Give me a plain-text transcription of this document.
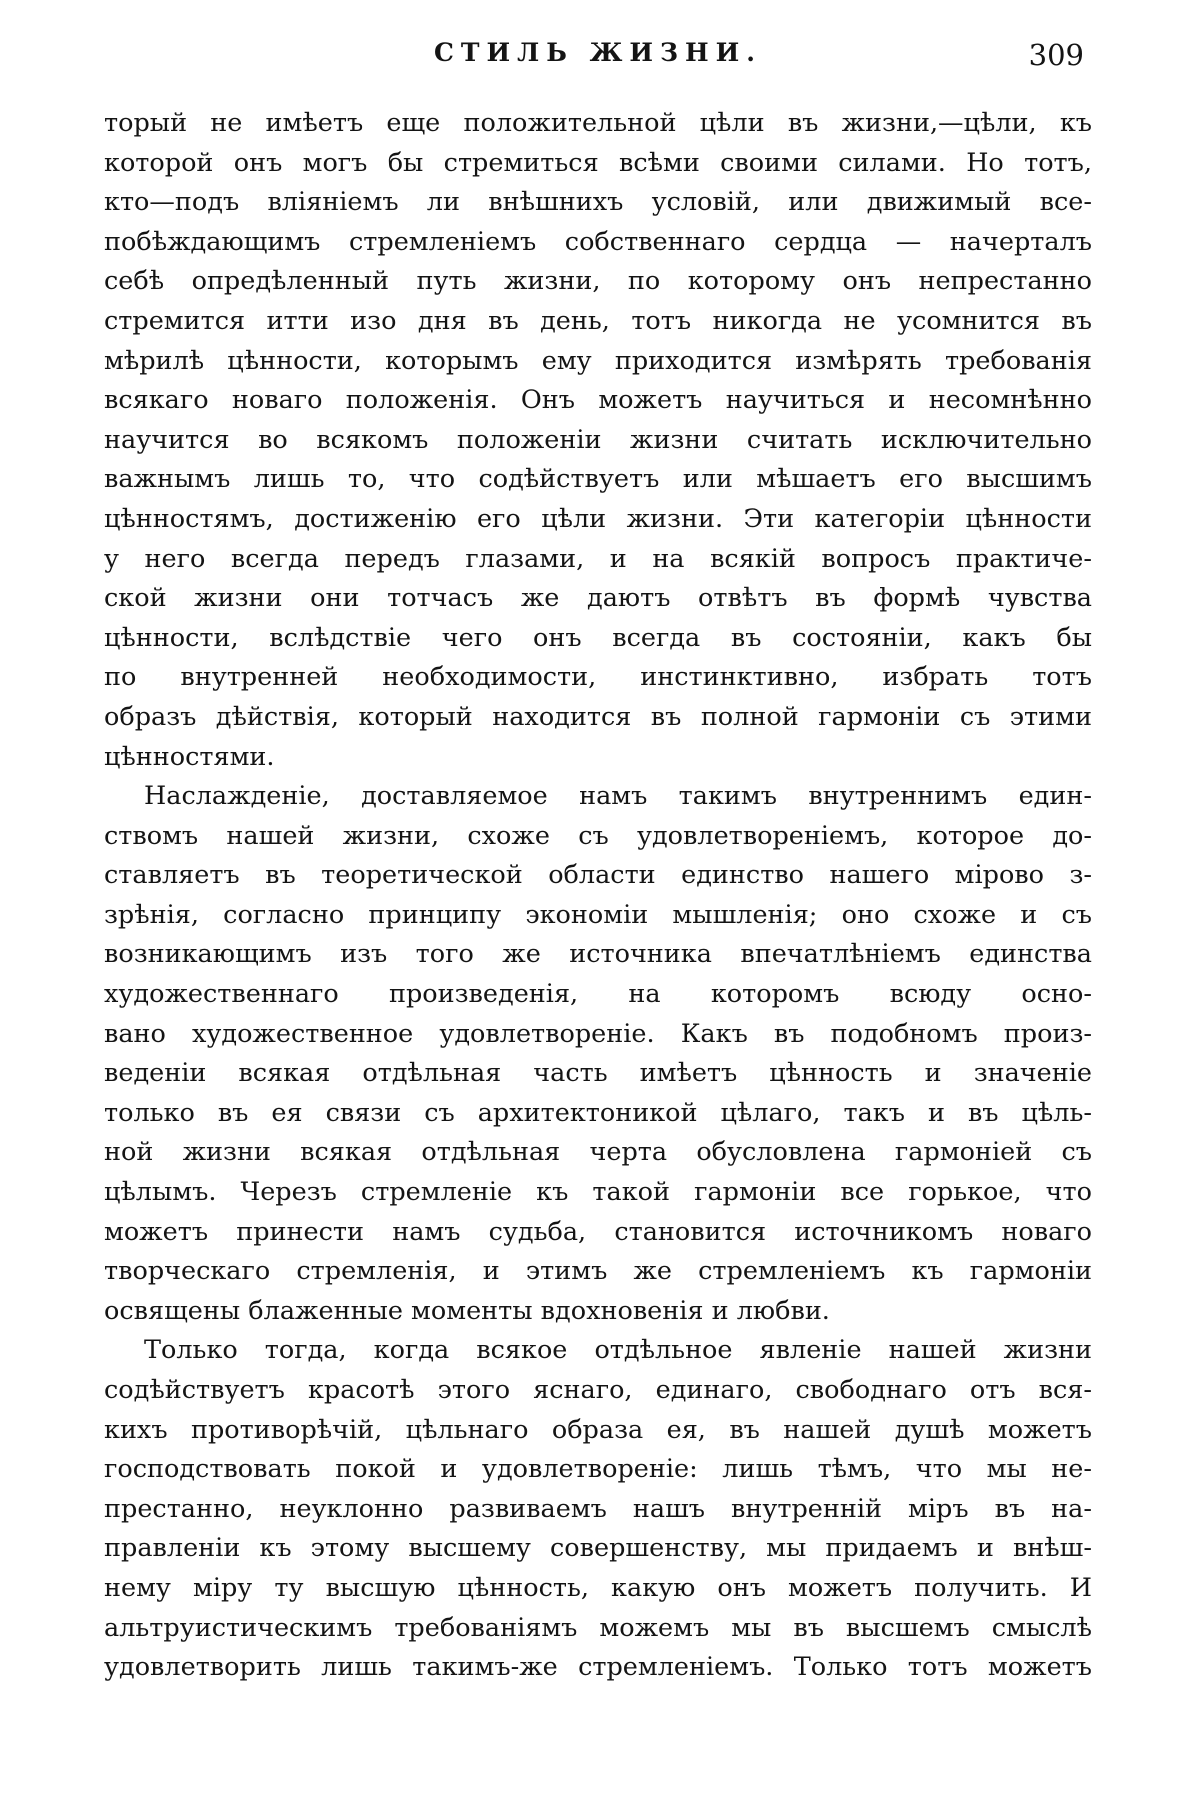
СТИЛЬ ЖИЗНИ.	309
торый не имѣетъ еще положительной цѣли въ жизни,—цѣли, къ
которой онъ могъ бы стремиться всѣми своими силами. Но тотъ,
кто—подъ вліяніемъ ли внѣшнихъ условій, или движимый все-
побѣждающимъ стремленіемъ собственнаго сердца — начерталъ
себѣ опредѣленный путь жизни, по которому онъ непрестанно
стремится итти изо дня въ день, тотъ никогда не усомнится въ
мѣрилѣ цѣнности, которымъ ему приходится измѣрять требованія
всякаго новаго положенія. Онъ можетъ научиться и несомнѣнно
научится во всякомъ положеніи жизни считать исключительно
важнымъ лишь то, что содѣйствуетъ или мѣшаетъ его высшимъ
цѣнностямъ, достиженію его цѣли жизни. Эти категоріи цѣнности
у него всегда передъ глазами, и на всякій вопросъ практиче-
ской жизни они тотчасъ же даютъ отвѣтъ въ формѣ чувства
цѣнности, вслѣдствіе чего онъ всегда въ состояніи, какъ бы
по внутренней необходимости, инстинктивно, избрать тотъ
образъ дѣйствія, который находится въ полной гармоніи съ этими
цѣнностями.
Наслажденіе, доставляемое намъ такимъ внутреннимъ един-
ствомъ нашей жизни, схоже съ удовлетвореніемъ, которое до-
ставляетъ въ теоретической области единство нашего мірово з-
зрѣнія, согласно принципу экономіи мышленія; оно схоже и съ
возникающимъ изъ того же источника впечатлѣніемъ единства
художественнаго произведенія, на которомъ всюду осно-
вано художественное удовлетвореніе. Какъ въ подобномъ произ-
веденіи всякая отдѣльная часть имѣетъ цѣнность и значеніе
только въ ея связи съ архитектоникой цѣлаго, такъ и въ цѣль-
ной жизни всякая отдѣльная черта обусловлена гармоніей съ
цѣлымъ. Черезъ стремленіе къ такой гармоніи все горькое, что
можетъ принести намъ судьба, становится источникомъ новаго
творческаго стремленія, и этимъ же стремленіемъ къ гармоніи
освящены блаженные моменты вдохновенія и любви.
Только тогда, когда всякое отдѣльное явленіе нашей жизни
содѣйствуетъ красотѣ этого яснаго, единаго, свободнаго отъ вся-
кихъ противорѣчій, цѣльнаго образа ея, въ нашей душѣ можетъ
господствовать покой и удовлетвореніе: лишь тѣмъ, что мы не-
престанно, неуклонно развиваемъ нашъ внутренній міръ въ на-
правленіи къ этому высшему совершенству, мы придаемъ и внѣш-
нему міру ту высшую цѣнность, какую онъ можетъ получить. И
альтруистическимъ требованіямъ можемъ мы въ высшемъ смыслѣ
удовлетворить лишь такимъ-же стремленіемъ. Только тотъ можетъ
